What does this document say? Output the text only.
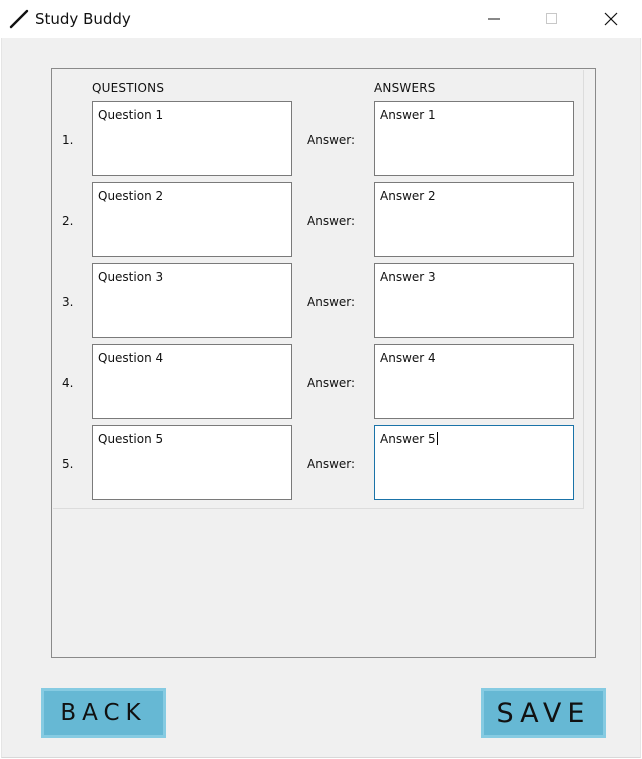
Study Buddy
QUESTIONS	ANSWERS
1.
Question 1
Answer:
Answer 1
2.
Question 2
Answer:
Answer 2
3.
Question 3
Answer:
Answer 3
4.
Question 4
Answer:
Answer 4
5.
Question 5
Answer:
Answer 5
BACK	SAVE
